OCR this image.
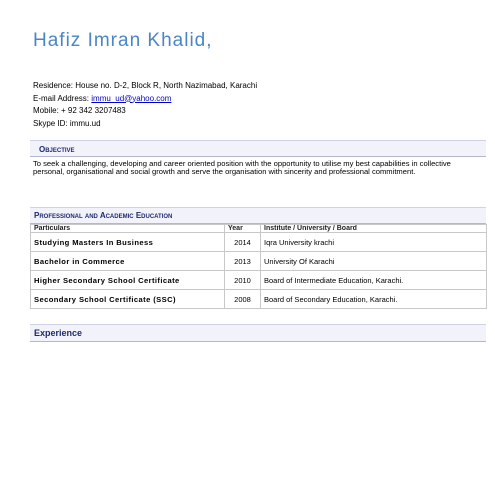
Hafiz Imran Khalid,
Residence: House no. D-2, Block R, North Nazimabad, Karachi
E-mail Address: immu_ud@yahoo.com
Mobile: + 92 342 3207483
Skype ID: immu.ud
Objective
To seek a challenging, developing and career oriented position with the opportunity to utilise my best capabilities in collective personal, organisational and social growth and serve the organisation with sincerity and professional commitment.
Professional and Academic Education
Particulars	Year	Institute / University / Board
Studying Masters In Business	2014	Iqra University krachi
Bachelor in Commerce	2013	University Of Karachi
Higher Secondary School Certificate	2010	Board of Intermediate Education, Karachi.
Secondary School Certificate (SSC)	2008	Board of Secondary Education, Karachi.
Experience
